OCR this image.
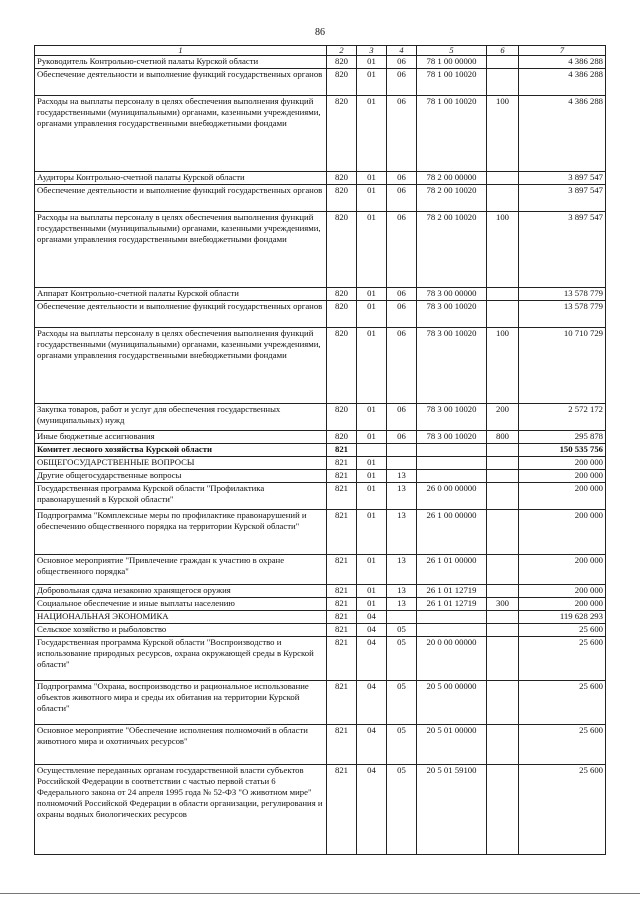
86
1	2	3	4	5	6	7
Руководитель Контрольно-счетной палаты Курской области	820	01	06	78 1 00 00000		4 386 288
Обеспечение деятельности и выполнение функций государственных органов	820	01	06	78 1 00 10020		4 386 288
Расходы на выплаты персоналу в целях обеспечения выполнения функций государственными (муниципальными) органами, казенными учреждениями, органами управления государственными внебюджетными фондами	820	01	06	78 1 00 10020	100	4 386 288
Аудиторы Контрольно-счетной палаты Курской области	820	01	06	78 2 00 00000		3 897 547
Обеспечение деятельности и выполнение функций государственных органов	820	01	06	78 2 00 10020		3 897 547
Расходы на выплаты персоналу в целях обеспечения выполнения функций государственными (муниципальными) органами, казенными учреждениями, органами управления государственными внебюджетными фондами	820	01	06	78 2 00 10020	100	3 897 547
Аппарат Контрольно-счетной палаты Курской области	820	01	06	78 3 00 00000		13 578 779
Обеспечение деятельности и выполнение функций государственных органов	820	01	06	78 3 00 10020		13 578 779
Расходы на выплаты персоналу в целях обеспечения выполнения функций государственными (муниципальными) органами, казенными учреждениями, органами управления государственными внебюджетными фондами	820	01	06	78 3 00 10020	100	10 710 729
Закупка товаров, работ и услуг для обеспечения государственных (муниципальных) нужд	820	01	06	78 3 00 10020	200	2 572 172
Иные бюджетные ассигнования	820	01	06	78 3 00 10020	800	295 878
Комитет лесного хозяйства Курской области	821					150 535 756
ОБЩЕГОСУДАРСТВЕННЫЕ ВОПРОСЫ	821	01				200 000
Другие общегосударственные вопросы	821	01	13			200 000
Государственная программа Курской области "Профилактика правонарушений в Курской области"	821	01	13	26 0 00 00000		200 000
Подпрограмма "Комплексные меры по профилактике правонарушений и обеспечению общественного порядка на территории Курской области"	821	01	13	26 1 00 00000		200 000
Основное мероприятие "Привлечение граждан к участию в охране общественного порядка"	821	01	13	26 1 01 00000		200 000
Добровольная сдача незаконно хранящегося оружия	821	01	13	26 1 01 12719		200 000
Социальное обеспечение и иные выплаты населению	821	01	13	26 1 01 12719	300	200 000
НАЦИОНАЛЬНАЯ ЭКОНОМИКА	821	04				119 628 293
Сельское хозяйство и рыболовство	821	04	05			25 600
Государственная программа Курской области "Воспроизводство и использование природных ресурсов, охрана окружающей среды в Курской области"	821	04	05	20 0 00 00000		25 600
Подпрограмма "Охрана, воспроизводство и рациональное использование объектов животного мира и среды их обитания на территории Курской области"	821	04	05	20 5 00 00000		25 600
Основное мероприятие "Обеспечение исполнения полномочий в области животного мира и охотничьих ресурсов"	821	04	05	20 5 01 00000		25 600
Осуществление переданных органам государственной власти субъектов Российской Федерации в соответствии с частью первой статьи 6 Федерального закона от 24 апреля 1995 года № 52-ФЗ "О животном мире" полномочий Российской Федерации в области организации, регулирования и охраны водных биологических ресурсов	821	04	05	20 5 01 59100		25 600
